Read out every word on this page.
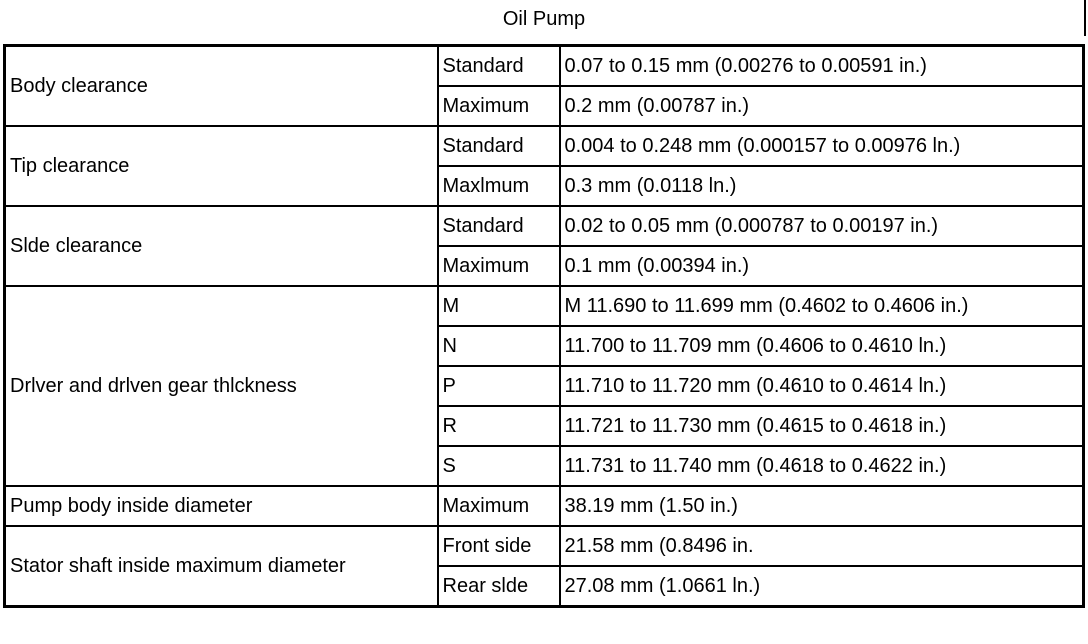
Oil Pump
Body clearance	Standard	0.07 to 0.15 mm (0.00276 to 0.00591 in.)
	Maximum	0.2 mm (0.00787 in.)
Tip clearance	Standard	0.004 to 0.248 mm (0.000157 to 0.00976 ln.)
	Maxlmum	0.3 mm (0.0118 ln.)
Slde clearance	Standard	0.02 to 0.05 mm (0.000787 to 0.00197 in.)
	Maximum	0.1 mm (0.00394 in.)
Drlver and drlven gear thlckness	M	M 11.690 to 11.699 mm (0.4602 to 0.4606 in.)
	N	11.700 to 11.709 mm (0.4606 to 0.4610 ln.)
	P	11.710 to 11.720 mm (0.4610 to 0.4614 ln.)
	R	11.721 to 11.730 mm (0.4615 to 0.4618 in.)
	S	11.731 to 11.740 mm (0.4618 to 0.4622 in.)
Pump body inside diameter	Maximum	38.19 mm (1.50 in.)
Stator shaft inside maximum diameter	Front side	21.58 mm (0.8496 in.
	Rear slde	27.08 mm (1.0661 ln.)
